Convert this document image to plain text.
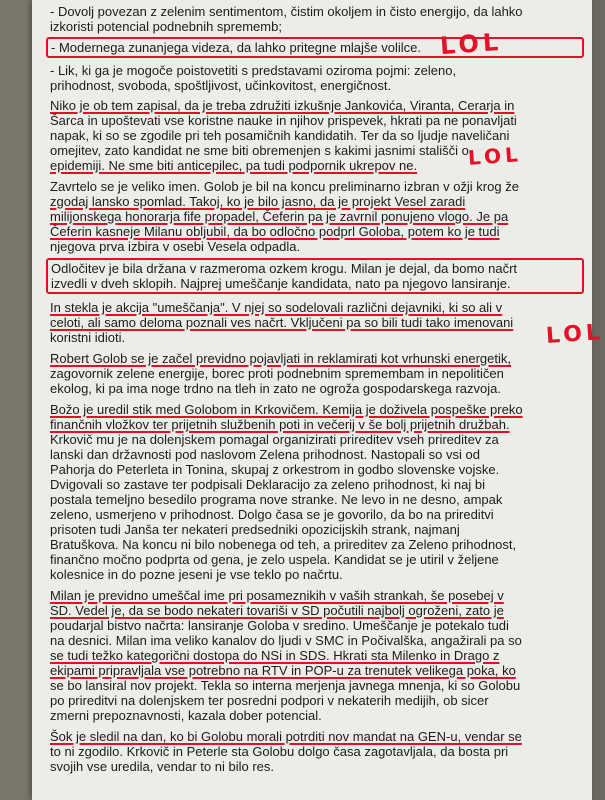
- Dovolj povezan z zelenim sentimentom, čistim okoljem in čisto energijo, da lahko
izkoristi potencial podnebnih sprememb;
- Modernega zunanjega videza, da lahko pritegne mlajše volilce.
- Lik, ki ga je mogoče poistovetiti s predstavami oziroma pojmi: zeleno,
prihodnost, svoboda, spoštljivost, učinkovitost, energičnost.
Niko je ob tem zapisal, da je treba združiti izkušnje Jankovića, Viranta, Cerarja in
Šarca in upoštevati vse koristne nauke in njihov prispevek, hkrati pa ne ponavljati
napak, ki so se zgodile pri teh posamičnih kandidatih. Ter da so ljudje naveličani
omejitev, zato kandidat ne sme biti obremenjen s kakimi jasnimi stališči o
epidemiji. Ne sme biti anticepilec, pa tudi podpornik ukrepov ne.
Zavrtelo se je veliko imen. Golob je bil na koncu preliminarno izbran v ožji krog že
zgodaj lansko spomlad. Takoj, ko je bilo jasno, da je projekt Vesel zaradi
milijonskega honorarja fife propadel, Čeferin pa je zavrnil ponujeno vlogo. Je pa
Čeferin kasneje Milanu obljubil, da bo odločno podprl Goloba, potem ko je tudi
njegova prva izbira v osebi Vesela odpadla.
Odločitev je bila držana v razmeroma ozkem krogu. Milan je dejal, da bomo načrt
izvedli v dveh sklopih. Najprej umeščanje kandidata, nato pa njegovo lansiranje.
In stekla je akcija "umeščanja". V njej so sodelovali različni dejavniki, ki so ali v
celoti, ali samo deloma poznali ves načrt. Vključeni pa so bili tudi tako imenovani
koristni idioti.
Robert Golob se je začel previdno pojavljati in reklamirati kot vrhunski energetik,
zagovornik zelene energije, borec proti podnebnim spremembam in nepolitičen
ekolog, ki pa ima noge trdno na tleh in zato ne ogroža gospodarskega razvoja.
Božo je uredil stik med Golobom in Krkovičem. Kemija je doživela pospeške preko
finančnih vložkov ter prijetnih službenih poti in večerij v še bolj prijetnih družbah.
Krkovič mu je na dolenjskem pomagal organizirati prireditev vseh prireditev za
lanski dan državnosti pod naslovom Zelena prihodnost. Nastopali so vsi od
Pahorja do Peterleta in Tonina, skupaj z orkestrom in godbo slovenske vojske.
Dvigovali so zastave ter podpisali Deklaracijo za zeleno prihodnost, ki naj bi
postala temeljno besedilo programa nove stranke. Ne levo in ne desno, ampak
zeleno, usmerjeno v prihodnost. Dolgo časa se je govorilo, da bo na prireditvi
prisoten tudi Janša ter nekateri predsedniki opozicijskih strank, najmanj
Bratuškova. Na koncu ni bilo nobenega od teh, a prireditev za Zeleno prihodnost,
finančno močno podprta od gena, je zelo uspela. Kandidat se je utiril v željene
kolesnice in do pozne jeseni je vse teklo po načrtu.
Milan je previdno umeščal ime pri posameznikih v vaših strankah, še posebej v
SD. Vedel je, da se bodo nekateri tovariši v SD počutili najbolj ogroženi, zato je
poudarjal bistvo načrta: lansiranje Goloba v sredino. Umeščanje je potekalo tudi
na desnici. Milan ima veliko kanalov do ljudi v SMC in Počivalška, angažirali pa so
se tudi težko kategorični dostopa do NSi in SDS. Hkrati sta Milenko in Drago z
ekipami pripravljala vse potrebno na RTV in POP-u za trenutek velikega poka, ko
se bo lansiral nov projekt. Tekla so interna merjenja javnega mnenja, ki so Golobu
po prireditvi na dolenjskem ter posredni podpori v nekaterih medijih, ob sicer
zmerni prepoznavnosti, kazala dober potencial.
Šok je sledil na dan, ko bi Golobu morali potrditi nov mandat na GEN-u, vendar se
to ni zgodilo. Krkovič in Peterle sta Golobu dolgo časa zagotavljala, da bosta pri
svojih vse uredila, vendar to ni bilo res.
LOL
LOL
LOL
